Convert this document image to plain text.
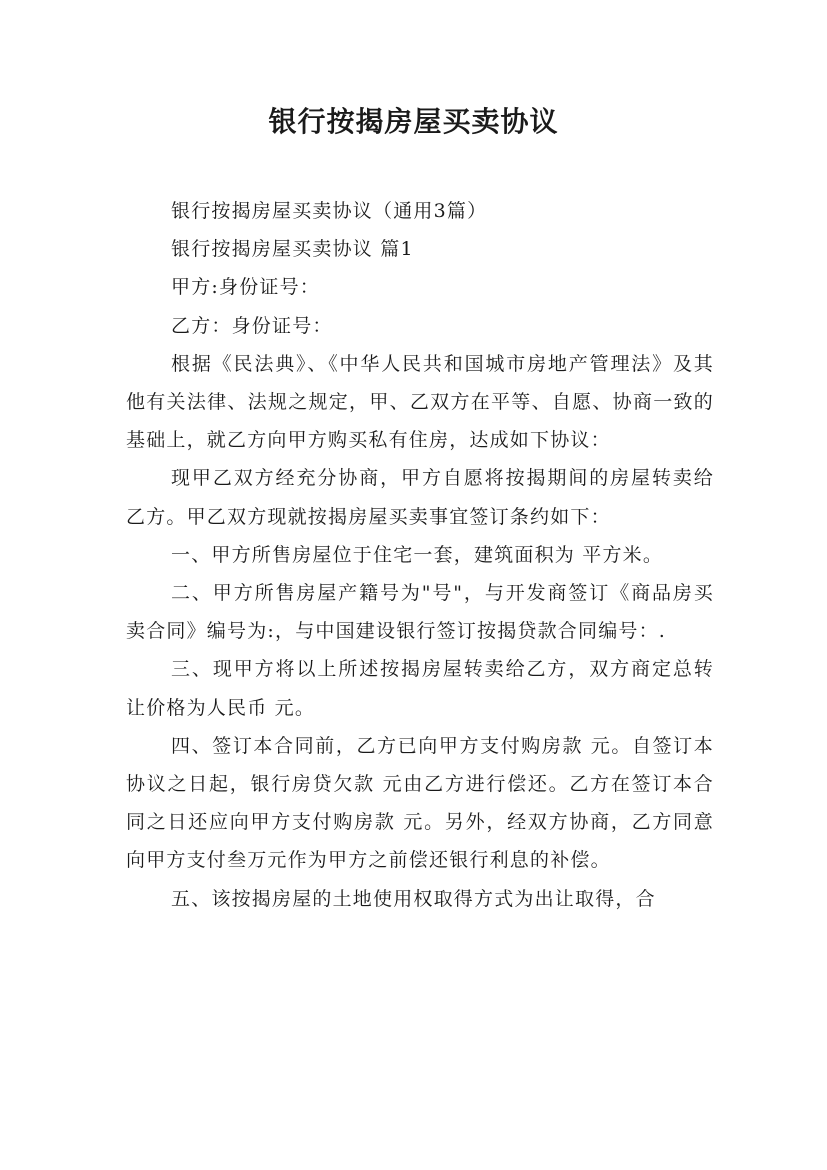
银行按揭房屋买卖协议

银行按揭房屋买卖协议（通用3篇）

银行按揭房屋买卖协议 篇1

甲方:身份证号：

乙方：身份证号：

根据《民法典》、《中华人民共和国城市房地产管理法》及其他有关法律、法规之规定，甲、乙双方在平等、自愿、协商一致的基础上，就乙方向甲方购买私有住房，达成如下协议：

现甲乙双方经充分协商，甲方自愿将按揭期间的房屋转卖给乙方。甲乙双方现就按揭房屋买卖事宜签订条约如下：

一、甲方所售房屋位于住宅一套，建筑面积为 平方米。

二、甲方所售房屋产籍号为"号"，与开发商签订《商品房买卖合同》编号为:，与中国建设银行签订按揭贷款合同编号：.

三、现甲方将以上所述按揭房屋转卖给乙方，双方商定总转让价格为人民币 元。

四、签订本合同前，乙方已向甲方支付购房款 元。自签订本协议之日起，银行房贷欠款 元由乙方进行偿还。乙方在签订本合同之日还应向甲方支付购房款 元。另外，经双方协商，乙方同意向甲方支付叁万元作为甲方之前偿还银行利息的补偿。

五、该按揭房屋的土地使用权取得方式为出让取得，合
